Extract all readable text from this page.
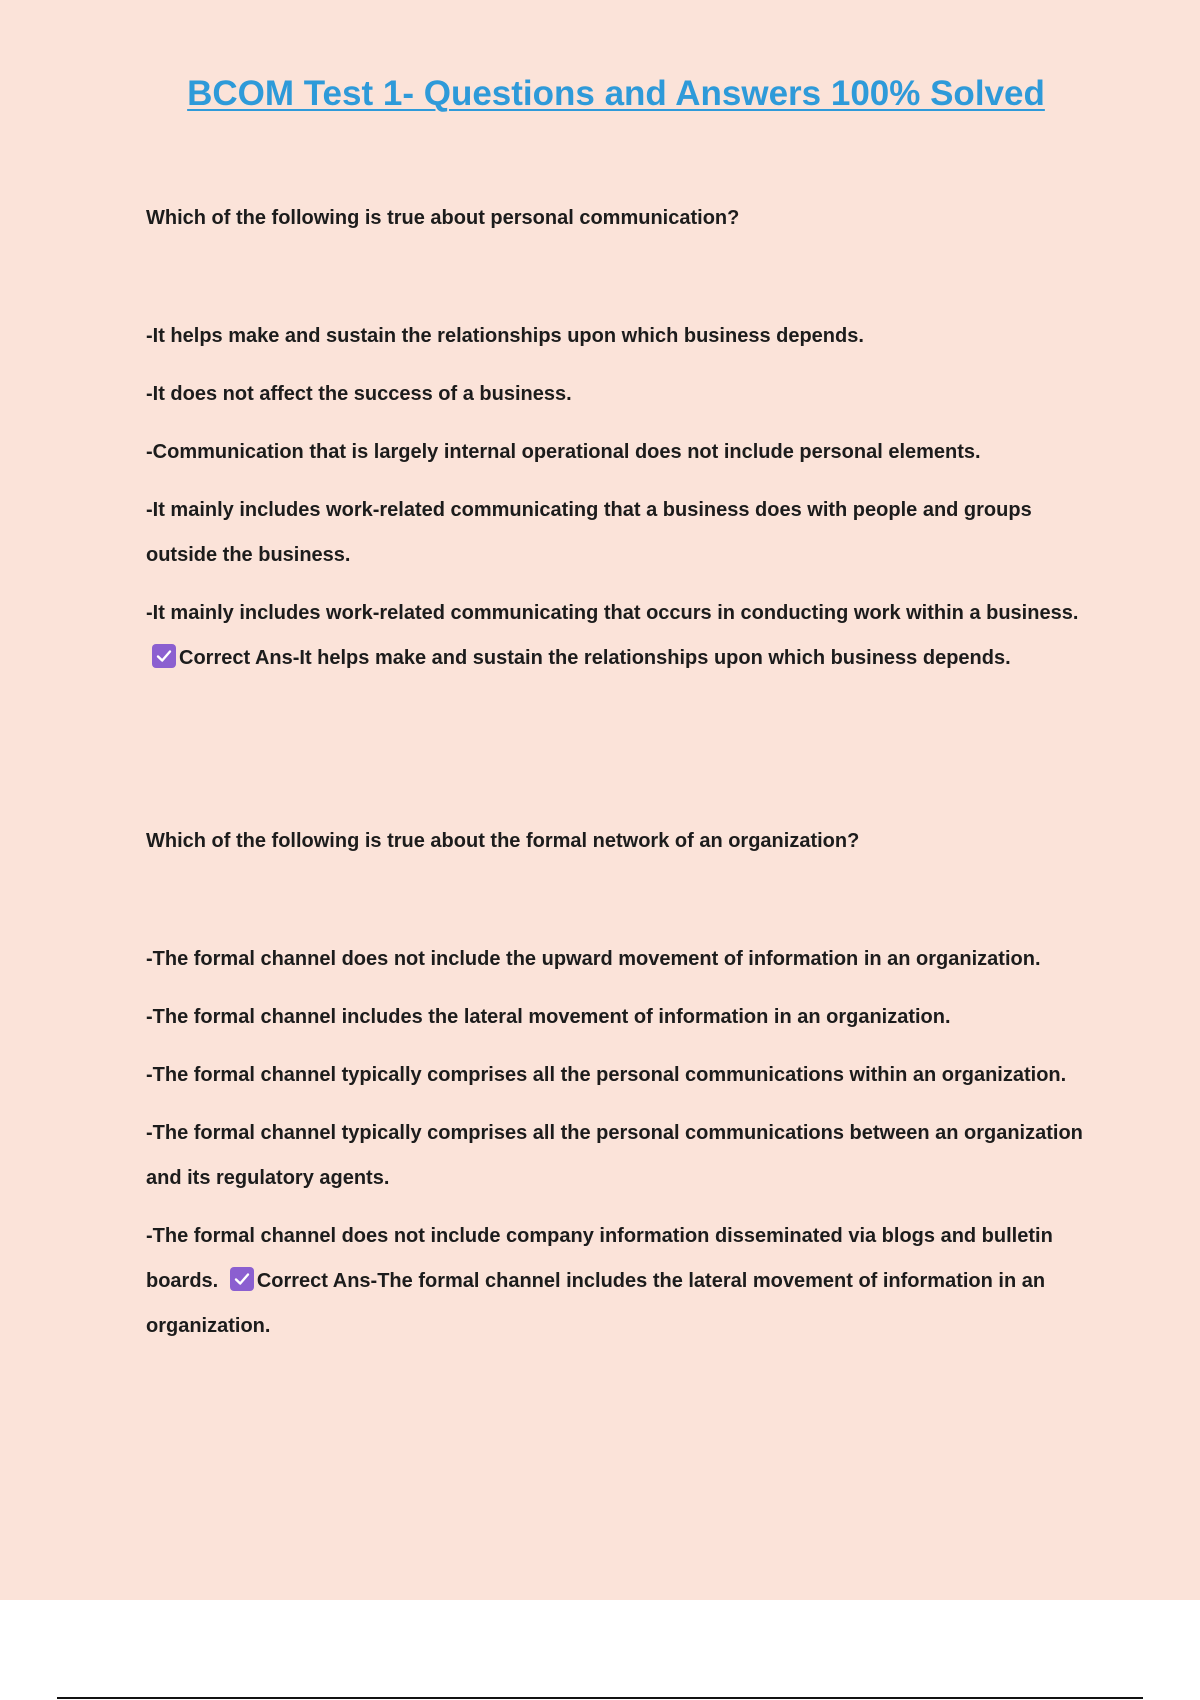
BCOM Test 1- Questions and Answers 100% Solved

Which of the following is true about personal communication?

-It helps make and sustain the relationships upon which business depends.

-It does not affect the success of a business.

-Communication that is largely internal operational does not include personal elements.

-It mainly includes work-related communicating that a business does with people and groups outside the business.

-It mainly includes work-related communicating that occurs in conducting work within a business.
Correct Ans-It helps make and sustain the relationships upon which business depends.

Which of the following is true about the formal network of an organization?

-The formal channel does not include the upward movement of information in an organization.

-The formal channel includes the lateral movement of information in an organization.

-The formal channel typically comprises all the personal communications within an organization.

-The formal channel typically comprises all the personal communications between an organization and its regulatory agents.

-The formal channel does not include company information disseminated via blogs and bulletin boards. Correct Ans-The formal channel includes the lateral movement of information in an organization.
